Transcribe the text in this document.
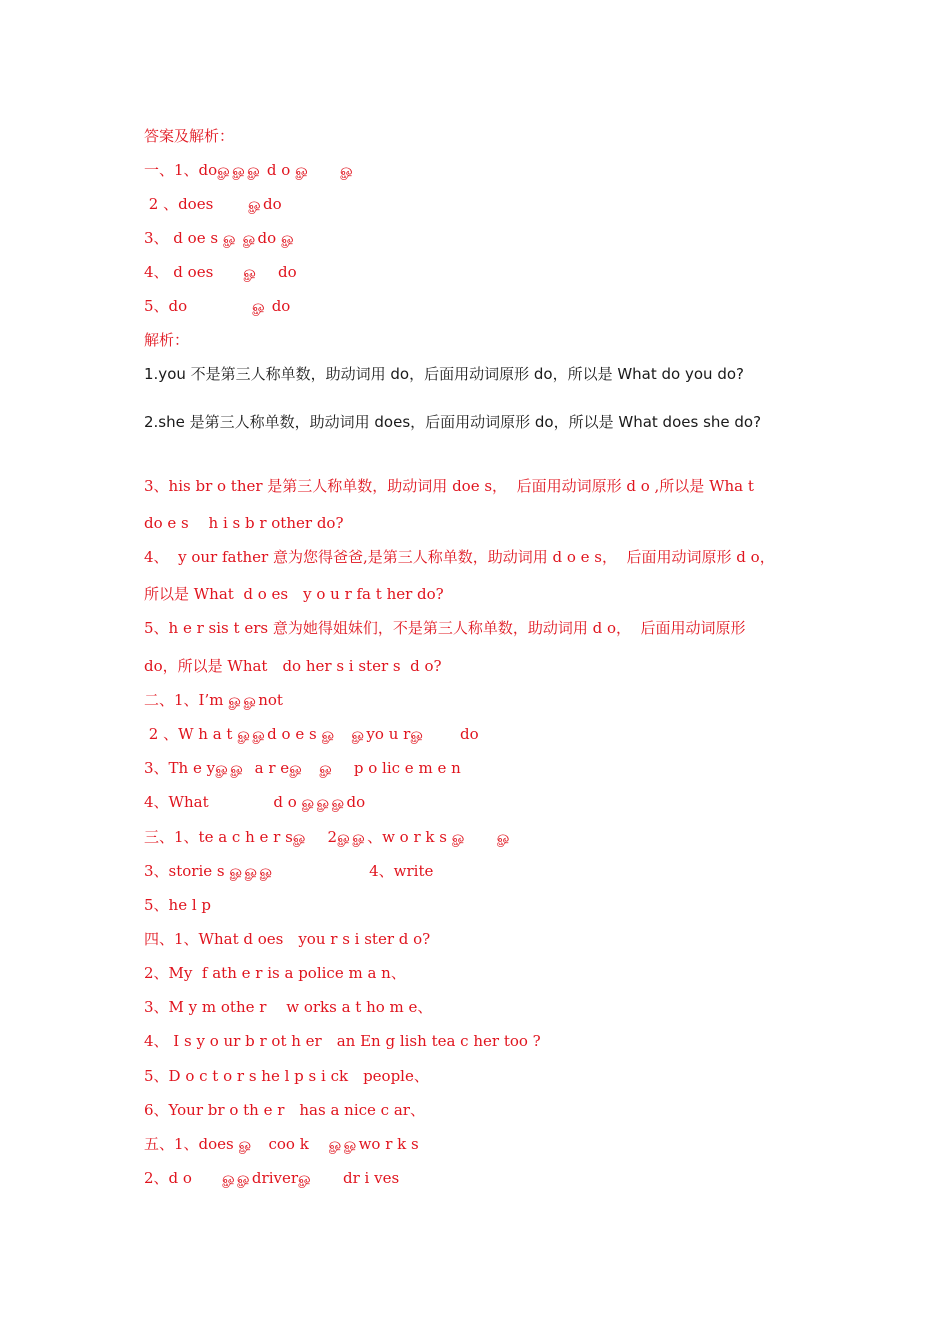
答案及解析：
一、1、doௐௐௐ d o ௐ　　ௐ
2 、does　　 ௐdo
3、 d oe s ௐ ௐdo ௐ
4、 d oes　　ௐ　 do
5、do　　　　 ௐ do
解析：
1.you 不是第三人称单数，助动词用 do，后面用动词原形 do，所以是 What do you do?
2.she 是第三人称单数，助动词用 does，后面用动词原形 do，所以是 What does she do?
3、his br o ther 是第三人称单数，助动词用 doe s，  后面用动词原形 d o ,所以是 Wha t
do e s　 h i s b r other do?
4、  y our father 意为您得爸爸,是第三人称单数，助动词用 d o e s，  后面用动词原形 d o，
所以是 What  d o es　y o u r fa t her do?
5、h e r sis t ers 意为她得姐妹们，不是第三人称单数，助动词用 d o，  后面用动词原形
do，所以是 What　do her s i ster s  d o?
二、1、I’m ௐௐnot
2 、W h a t ௐௐd o e s ௐ　ௐyo u rௐ　　 do
3、Th e yௐௐ  a r eௐ　ௐ　 p o lic e m e n
4、What　　　　 d o ௐௐௐdo
三、1、te a c h e r sௐ　 2ௐௐ、w o r k s ௐ　　ௐ
3、storie s ௐௐௐ　　　　　　 4、write
5、he l p
四、1、What d oes　you r s i ster d o?
2、My  f ath e r is a police m a n、
3、M y m othe r　 w orks a t ho m e、
4、 I s y o ur b r ot h er　an En g lish tea c her too ?
5、D o c t o r s he l p s i ck　people、
6、Your br o th e r　has a nice c ar、
五、1、does ௐ　coo k　 ௐௐwo r k s
2、d o　　ௐௐdriverௐ　　dr i ves
